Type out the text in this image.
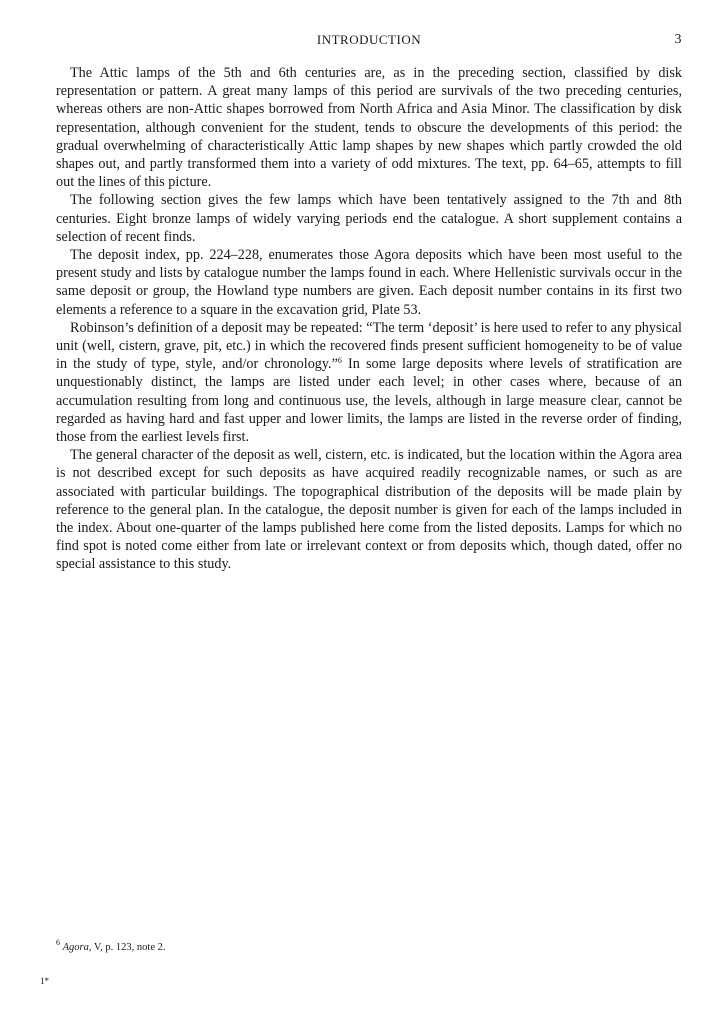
INTRODUCTION	3

The Attic lamps of the 5th and 6th centuries are, as in the preceding section, classified by disk representation or pattern. A great many lamps of this period are survivals of the two preceding centuries, whereas others are non-Attic shapes borrowed from North Africa and Asia Minor. The classification by disk representation, although convenient for the student, tends to obscure the developments of this period: the gradual overwhelming of characteristically Attic lamp shapes by new shapes which partly crowded the old shapes out, and partly transformed them into a variety of odd mixtures. The text, pp. 64–65, attempts to fill out the lines of this picture.

The following section gives the few lamps which have been tentatively assigned to the 7th and 8th centuries. Eight bronze lamps of widely varying periods end the catalogue. A short supplement contains a selection of recent finds.

The deposit index, pp. 224–228, enumerates those Agora deposits which have been most useful to the present study and lists by catalogue number the lamps found in each. Where Hellenistic survivals occur in the same deposit or group, the Howland type numbers are given. Each deposit number contains in its first two elements a reference to a square in the excavation grid, Plate 53.

Robinson’s definition of a deposit may be repeated: “The term ‘deposit’ is here used to refer to any physical unit (well, cistern, grave, pit, etc.) in which the recovered finds present sufficient homogeneity to be of value in the study of type, style, and/or chronology.”$^6$ In some large deposits where levels of stratification are unquestionably distinct, the lamps are listed under each level; in other cases where, because of an accumulation resulting from long and continuous use, the levels, although in large measure clear, cannot be regarded as having hard and fast upper and lower limits, the lamps are listed in the reverse order of finding, those from the earliest levels first.

The general character of the deposit as well, cistern, etc. is indicated, but the location within the Agora area is not described except for such deposits as have acquired readily recognizable names, or such as are associated with particular buildings. The topographical distribution of the deposits will be made plain by reference to the general plan. In the catalogue, the deposit number is given for each of the lamps included in the index. About one-quarter of the lamps published here come from the listed deposits. Lamps for which no find spot is noted come either from late or irrelevant context or from deposits which, though dated, offer no special assistance to this study.

$^6$ Agora, V, p. 123, note 2.
1*
